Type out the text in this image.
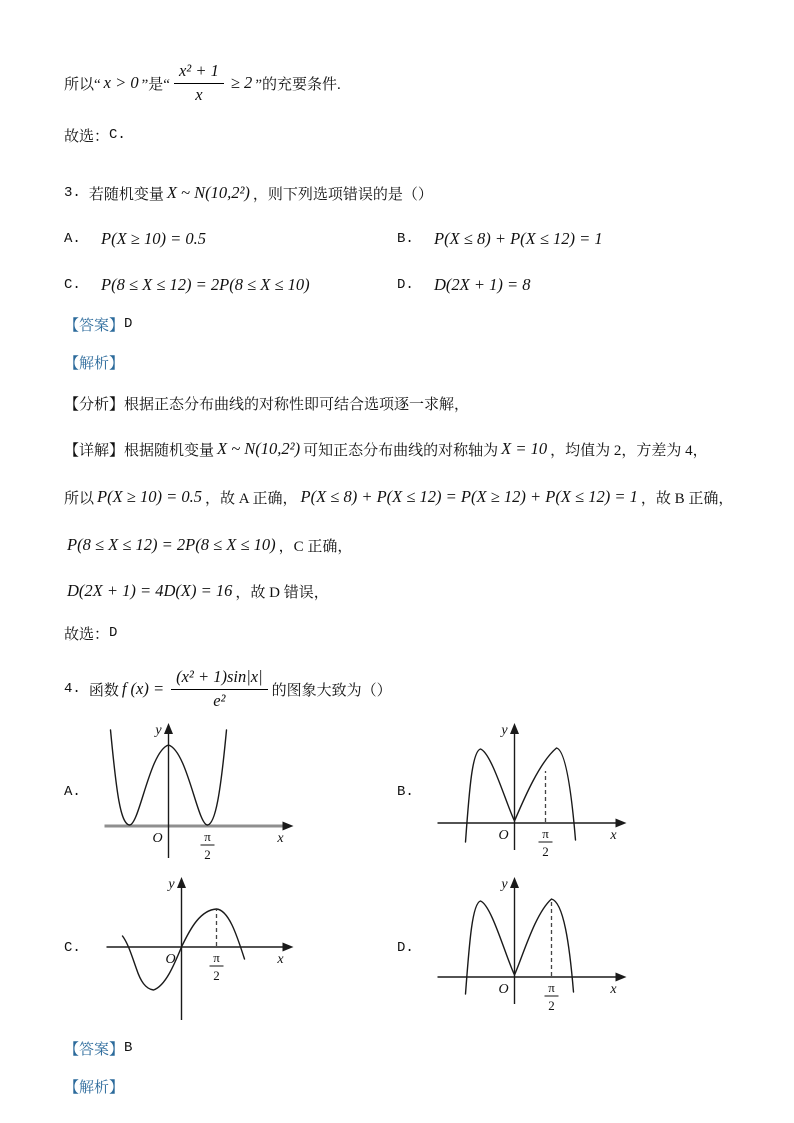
所以“ x > 0 ”是“ $\frac{\text{x² + 1}}{x} \ge 2$ ”的充要条件.
故选： C.
3. 若随机变量 X ~ N(10,2²) ，则下列选项错误的是（）
A.	P(X ≥ 10) = 0.5	B.	P(X ≤ 8) + P(X ≤ 12) = 1
C.	P(8 ≤ X ≤ 12) = 2P(8 ≤ X ≤ 10)	D.	D(2X + 1) = 8
【答案】 D
【解析】
【分析】 根据正态分布曲线的对称性即可结合选项逐一求解，
【详解】 根据随机变量 X ~ N(10,2²) 可知正态分布曲线的对称轴为 X = 10 ，均值为 2，方差为 4，
所以 P(X ≥ 10) = 0.5 ，故 A 正确， P(X ≤ 8) + P(X ≤ 12) = P(X ≥ 12) + P(X ≤ 12) = 1 ，故 B 正确，
P(8 ≤ X ≤ 12) = 2P(8 ≤ X ≤ 10) ，C 正确，
D(2X + 1) = 4D(X) = 16 ，故 D 错误，
故选： D
4. 函数 f $(x) = \frac{\text{(x² + 1)sin|x|}}{\text{e²}}$ 的图象大致为（）
A.
y
O	x
π
2
B.
y
O	x
π
2
C.
y
O	x
π
2
D.
y
O	x
π
2
【答案】 B
【解析】
